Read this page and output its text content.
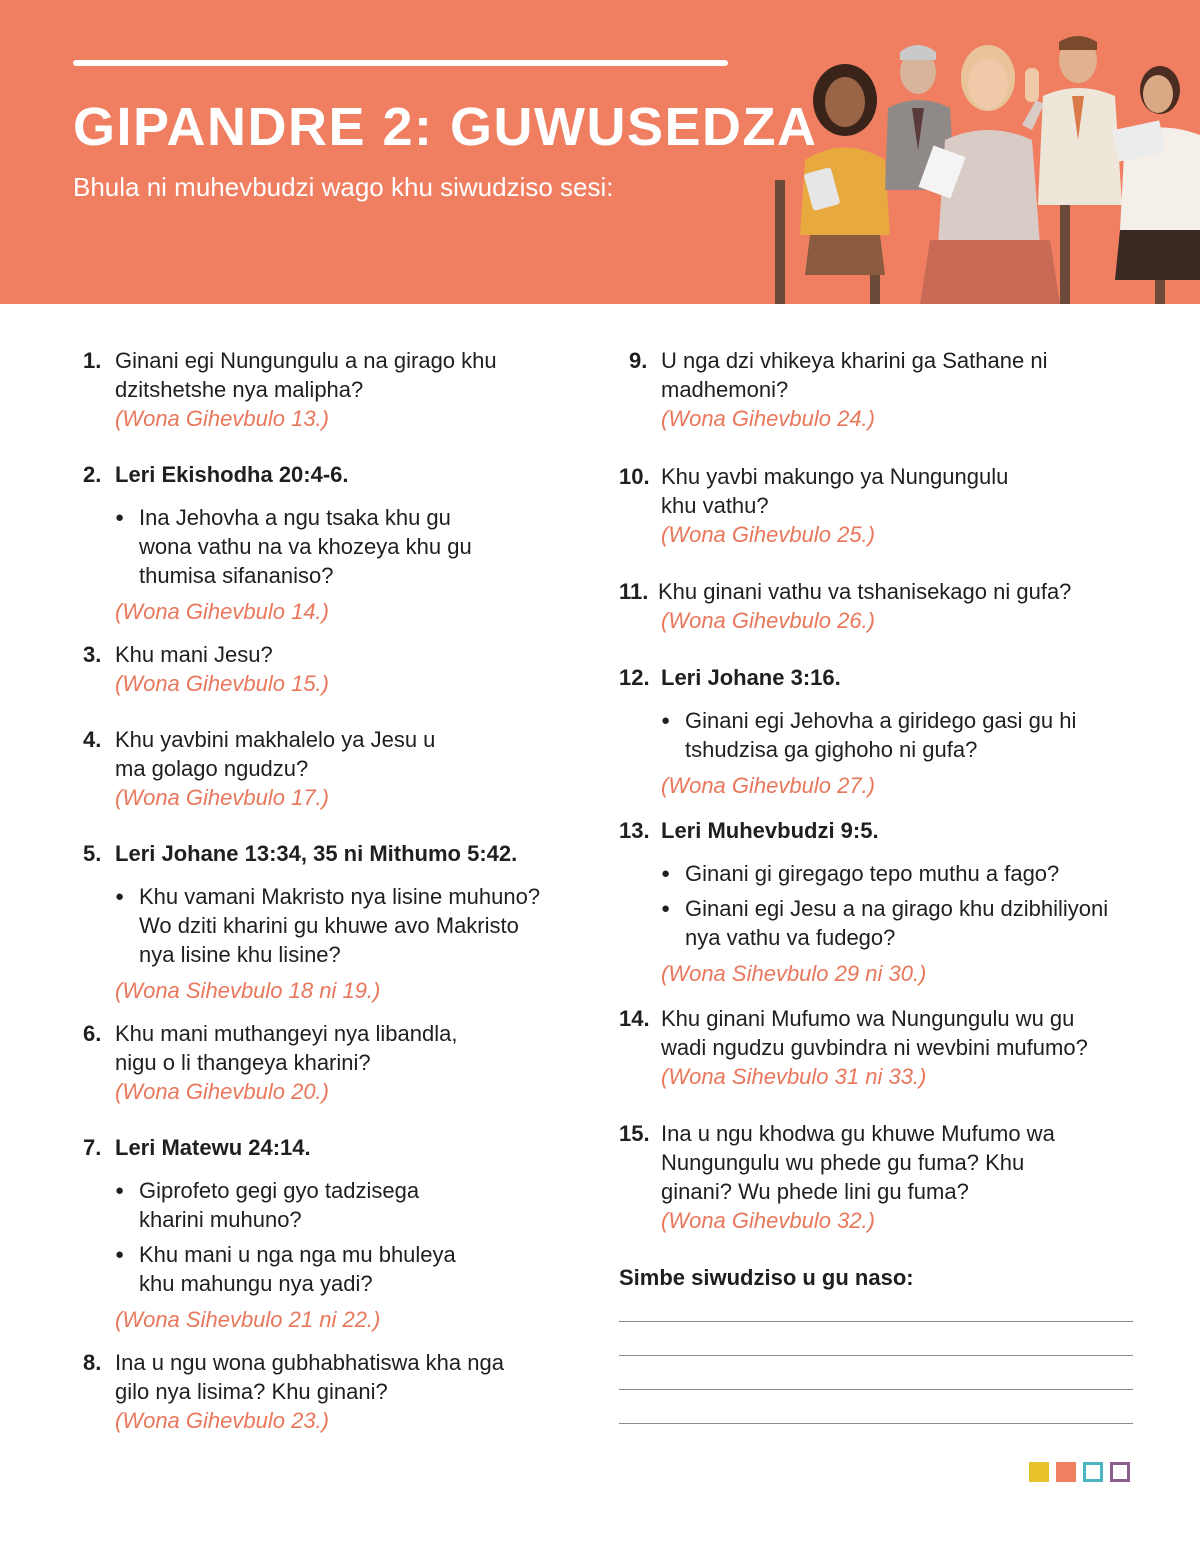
GIPANDRE 2: GUWUSEDZA
Bhula ni muhevbudzi wago khu siwudziso sesi:
1. Ginani egi Nungungulu a na girago khu dzitshetshe nya malipha?
(Wona Gihevbulo 13.)
2. Leri Ekishodha 20:4-6.
● Ina Jehovha a ngu tsaka khu gu wona vathu na va khozeya khu gu thumisa sifananiso?
(Wona Gihevbulo 14.)
3. Khu mani Jesu?
(Wona Gihevbulo 15.)
4. Khu yavbini makhalelo ya Jesu u ma golago ngudzu?
(Wona Gihevbulo 17.)
5. Leri Johane 13:34, 35 ni Mithumo 5:42.
● Khu vamani Makristo nya lisine muhuno? Wo dziti kharini gu khuwe avo Makristo nya lisine khu lisine?
(Wona Sihevbulo 18 ni 19.)
6. Khu mani muthangeyi nya libandla, nigu o li thangeya kharini?
(Wona Gihevbulo 20.)
7. Leri Matewu 24:14.
● Giprofeto gegi gyo tadzisega kharini muhuno?
● Khu mani u nga nga mu bhuleya khu mahungu nya yadi?
(Wona Sihevbulo 21 ni 22.)
8. Ina u ngu wona gubhabhatiswa kha nga gilo nya lisima? Khu ginani?
(Wona Gihevbulo 23.)
9. U nga dzi vhikeya kharini ga Sathane ni madhemoni?
(Wona Gihevbulo 24.)
10. Khu yavbi makungo ya Nungungulu khu vathu?
(Wona Gihevbulo 25.)
11. Khu ginani vathu va tshanisekago ni gufa?
(Wona Gihevbulo 26.)
12. Leri Johane 3:16.
● Ginani egi Jehovha a giridego gasi gu hi tshudzisa ga gighoho ni gufa?
(Wona Gihevbulo 27.)
13. Leri Muhevbudzi 9:5.
● Ginani gi giregago tepo muthu a fago?
● Ginani egi Jesu a na girago khu dzibhiliyoni nya vathu va fudego?
(Wona Sihevbulo 29 ni 30.)
14. Khu ginani Mufumo wa Nungungulu wu gu wadi ngudzu guvbindra ni wevbini mufumo?
(Wona Sihevbulo 31 ni 33.)
15. Ina u ngu khodwa gu khuwe Mufumo wa Nungungulu wu phede gu fuma? Khu ginani? Wu phede lini gu fuma?
(Wona Gihevbulo 32.)
Simbe siwudziso u gu naso:
